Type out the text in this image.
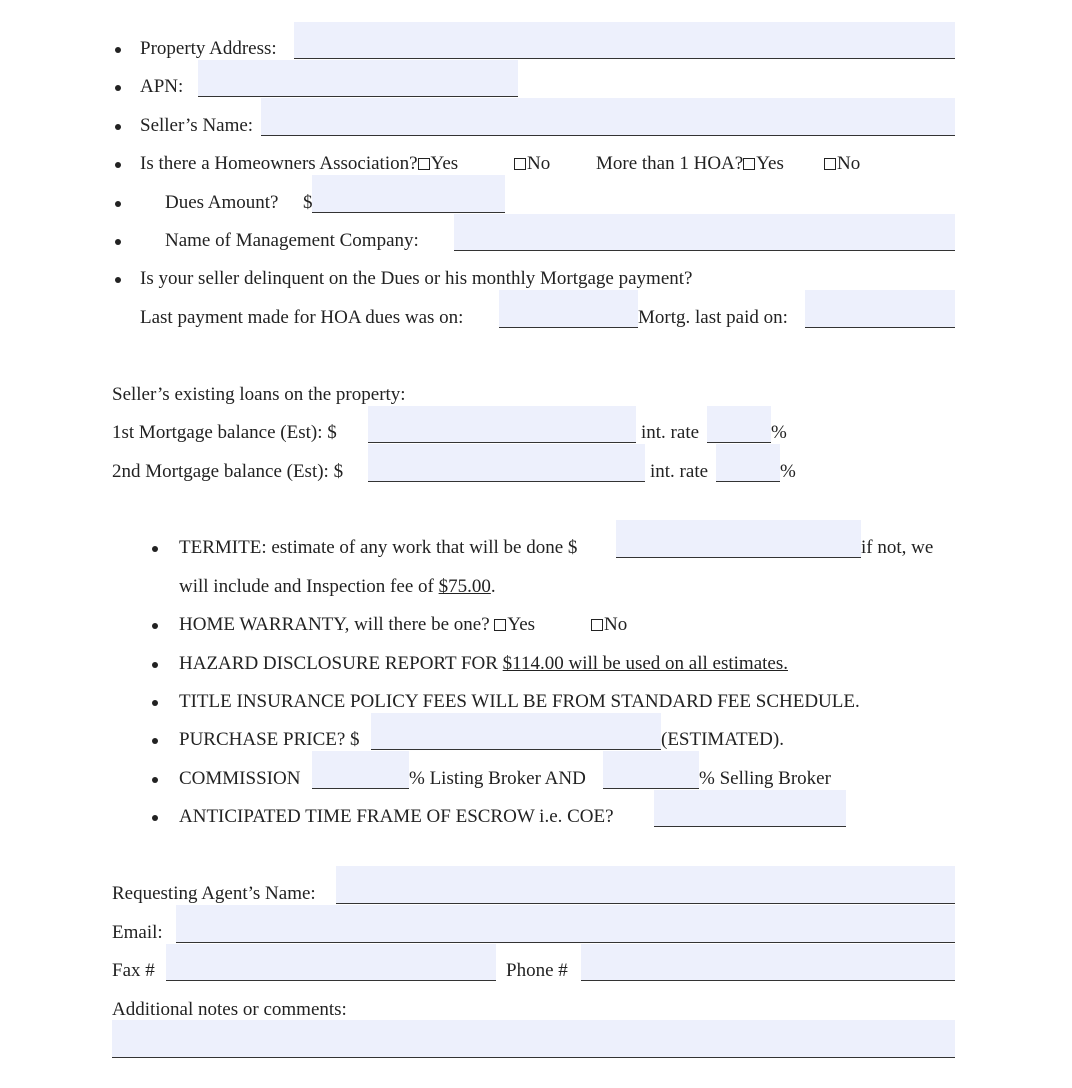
Property Address:
APN:
Seller’s Name:
Is there a Homeowners Association? Yes	No More than 1 HOA? Yes	No
Dues Amount? $
Name of Management Company:
Is your seller delinquent on the Dues or his monthly Mortgage payment?
Last payment made for HOA dues was on:	Mortg. last paid on:
Seller’s existing loans on the property:
1st Mortgage balance (Est): $	int. rate	%
2nd Mortgage balance (Est): $	int. rate	%
TERMITE: estimate of any work that will be done $	if not, we
will include and Inspection fee of $75.00.
HOME WARRANTY, will there be one? Yes	No
HAZARD DISCLOSURE REPORT FOR $114.00 will be used on all estimates.
TITLE INSURANCE POLICY FEES WILL BE FROM STANDARD FEE SCHEDULE.
PURCHASE PRICE? $	(ESTIMATED).
COMMISSION	% Listing Broker AND	% Selling Broker
ANTICIPATED TIME FRAME OF ESCROW i.e. COE?
Requesting Agent’s Name:
Email:
Fax #	Phone #
Additional notes or comments:
